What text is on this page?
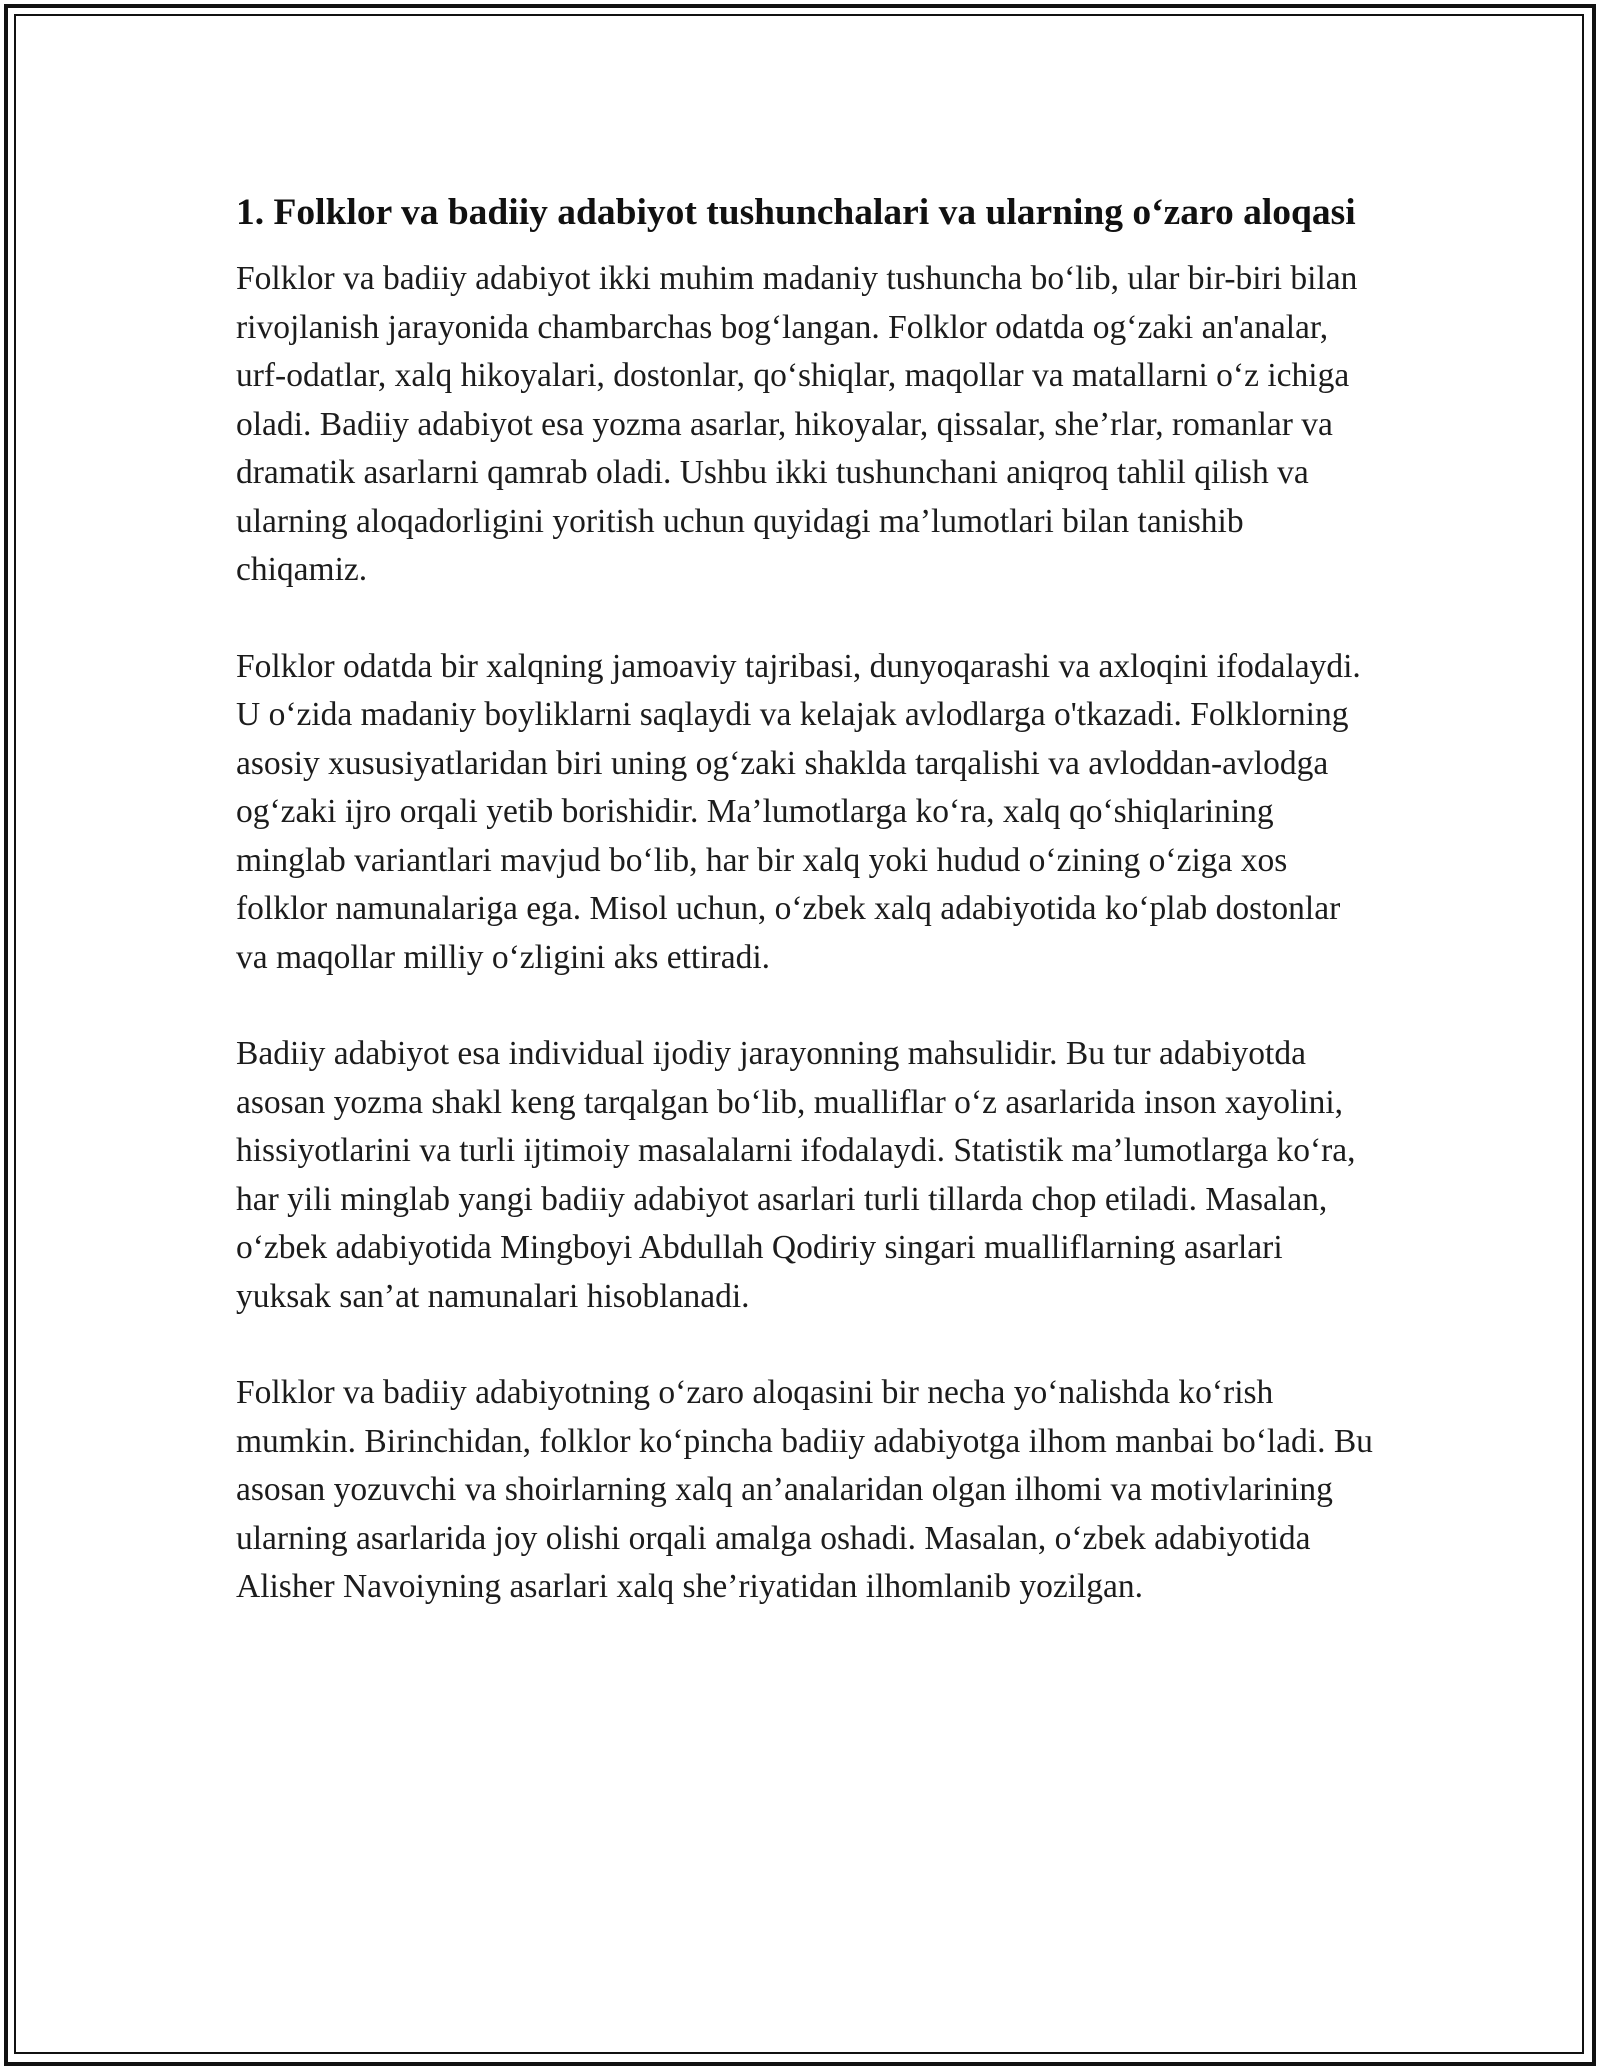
1. Folklor va badiiy adabiyot tushunchalari va ularning o‘zaro aloqasi

Folklor va badiiy adabiyot ikki muhim madaniy tushuncha bo‘lib, ular bir-biri bilan rivojlanish jarayonida chambarchas bog‘langan. Folklor odatda og‘zaki an'analar, urf-odatlar, xalq hikoyalari, dostonlar, qo‘shiqlar, maqollar va matallarni o‘z ichiga oladi. Badiiy adabiyot esa yozma asarlar, hikoyalar, qissalar, she’rlar, romanlar va dramatik asarlarni qamrab oladi. Ushbu ikki tushunchani aniqroq tahlil qilish va ularning aloqadorligini yoritish uchun quyidagi ma’lumotlari bilan tanishib chiqamiz.

Folklor odatda bir xalqning jamoaviy tajribasi, dunyoqarashi va axloqini ifodalaydi. U o‘zida madaniy boyliklarni saqlaydi va kelajak avlodlarga o'tkazadi. Folklorning asosiy xususiyatlaridan biri uning og‘zaki shaklda tarqalishi va avloddan-avlodga og‘zaki ijro orqali yetib borishidir. Ma’lumotlarga ko‘ra, xalq qo‘shiqlarining minglab variantlari mavjud bo‘lib, har bir xalq yoki hudud o‘zining o‘ziga xos folklor namunalariga ega. Misol uchun, o‘zbek xalq adabiyotida ko‘plab dostonlar va maqollar milliy o‘zligini aks ettiradi.

Badiiy adabiyot esa individual ijodiy jarayonning mahsulidir. Bu tur adabiyotda asosan yozma shakl keng tarqalgan bo‘lib, mualliflar o‘z asarlarida inson xayolini, hissiyotlarini va turli ijtimoiy masalalarni ifodalaydi. Statistik ma’lumotlarga ko‘ra, har yili minglab yangi badiiy adabiyot asarlari turli tillarda chop etiladi. Masalan, o‘zbek adabiyotida Mingboyi Abdullah Qodiriy singari mualliflarning asarlari yuksak san’at namunalari hisoblanadi.

Folklor va badiiy adabiyotning o‘zaro aloqasini bir necha yo‘nalishda ko‘rish mumkin. Birinchidan, folklor ko‘pincha badiiy adabiyotga ilhom manbai bo‘ladi. Bu asosan yozuvchi va shoirlarning xalq an’analaridan olgan ilhomi va motivlarining ularning asarlarida joy olishi orqali amalga oshadi. Masalan, o‘zbek adabiyotida Alisher Navoiyning asarlari xalq she’riyatidan ilhomlanib yozilgan.
